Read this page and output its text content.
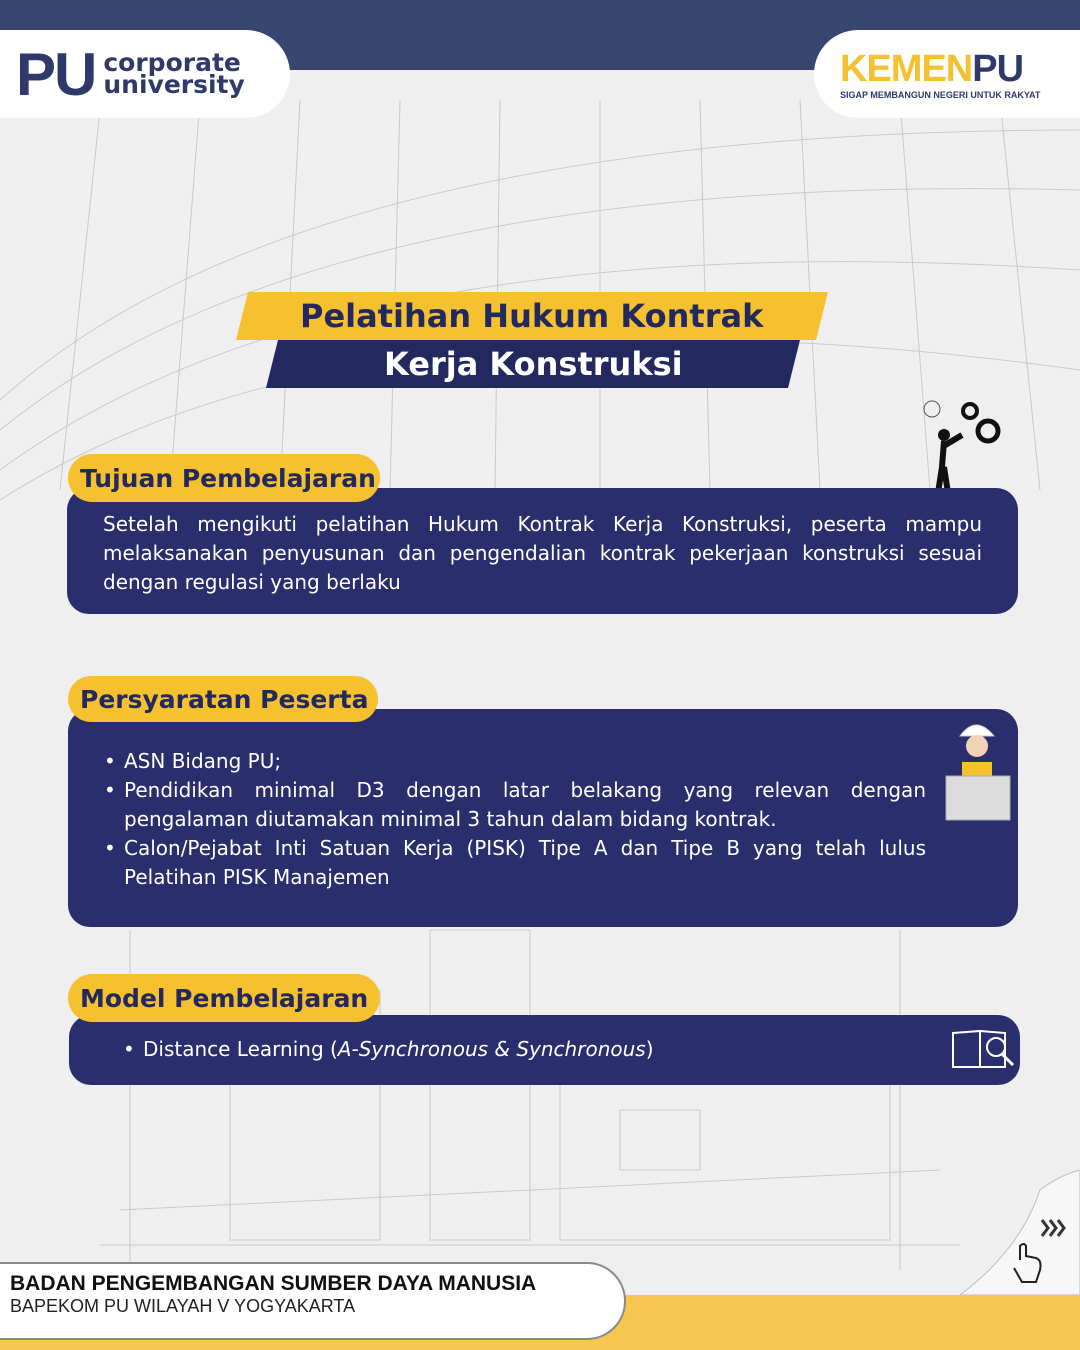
PU corporate
university	KEMENPU
SIGAP MEMBANGUN NEGERI UNTUK RAKYAT
Pelatihan Hukum Kontrak
Kerja Konstruksi
Tujuan Pembelajaran

Setelah mengikuti pelatihan Hukum Kontrak Kerja Konstruksi, peserta mampu melaksanakan penyusunan dan pengendalian kontrak pekerjaan konstruksi sesuai dengan regulasi yang berlaku

Persyaratan Peserta
• ASN Bidang PU;
• Pendidikan minimal D3 dengan latar belakang yang relevan dengan pengalaman diutamakan minimal 3 tahun dalam bidang kontrak.
• Calon/Pejabat Inti Satuan Kerja (PISK) Tipe A dan Tipe B yang telah lulus Pelatihan PISK Manajemen
Model Pembelajaran
• Distance Learning (A-Synchronous & Synchronous)
BADAN PENGEMBANGAN SUMBER DAYA MANUSIA
BAPEKOM PU WILAYAH V YOGYAKARTA
